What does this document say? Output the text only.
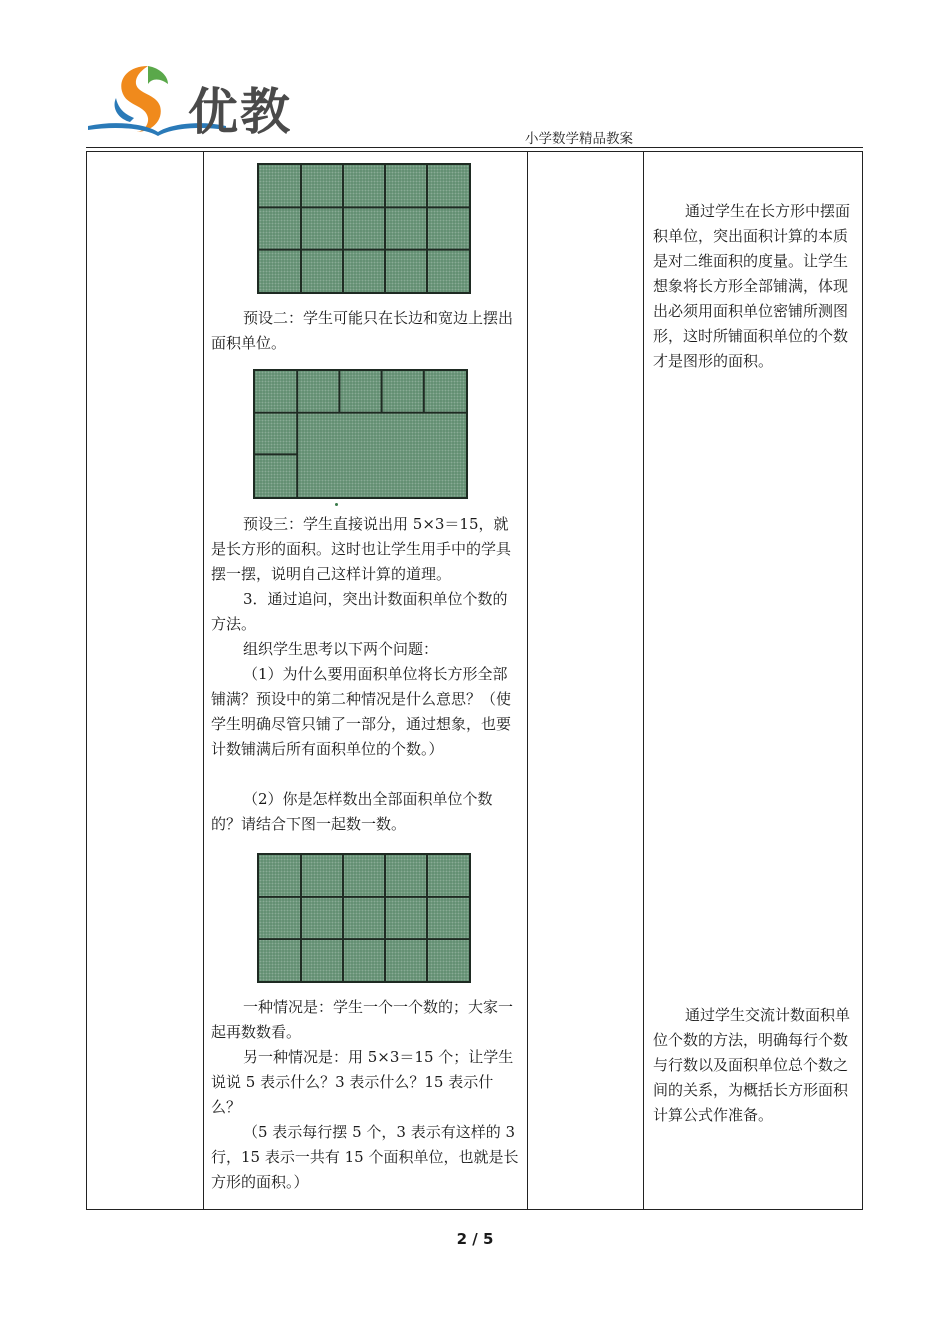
优教	小学数学精品教案
预设二：学生可能只在长边和宽边上摆出面积单位。
预设三：学生直接说出用 5×3＝15，就是长方形的面积。这时也让学生用手中的学具摆一摆，说明自己这样计算的道理。
3．通过追问，突出计数面积单位个数的方法。
组织学生思考以下两个问题：
（1）为什么要用面积单位将长方形全部铺满？预设中的第二种情况是什么意思？（使学生明确尽管只铺了一部分，通过想象，也要计数铺满后所有面积单位的个数。）
（2）你是怎样数出全部面积单位个数的？请结合下图一起数一数。
一种情况是：学生一个一个数的；大家一起再数数看。
另一种情况是：用 5×3＝15 个；让学生说说 5 表示什么？3 表示什么？15 表示什么？
（5 表示每行摆 5 个，3 表示有这样的 3 行，15 表示一共有 15 个面积单位，也就是长方形的面积。）
通过学生在长方形中摆面积单位，突出面积计算的本质是对二维面积的度量。让学生想象将长方形全部铺满，体现出必须用面积单位密铺所测图形，这时所铺面积单位的个数才是图形的面积。
通过学生交流计数面积单位个数的方法，明确每行个数与行数以及面积单位总个数之间的关系，为概括长方形面积计算公式作准备。
2 / 5
